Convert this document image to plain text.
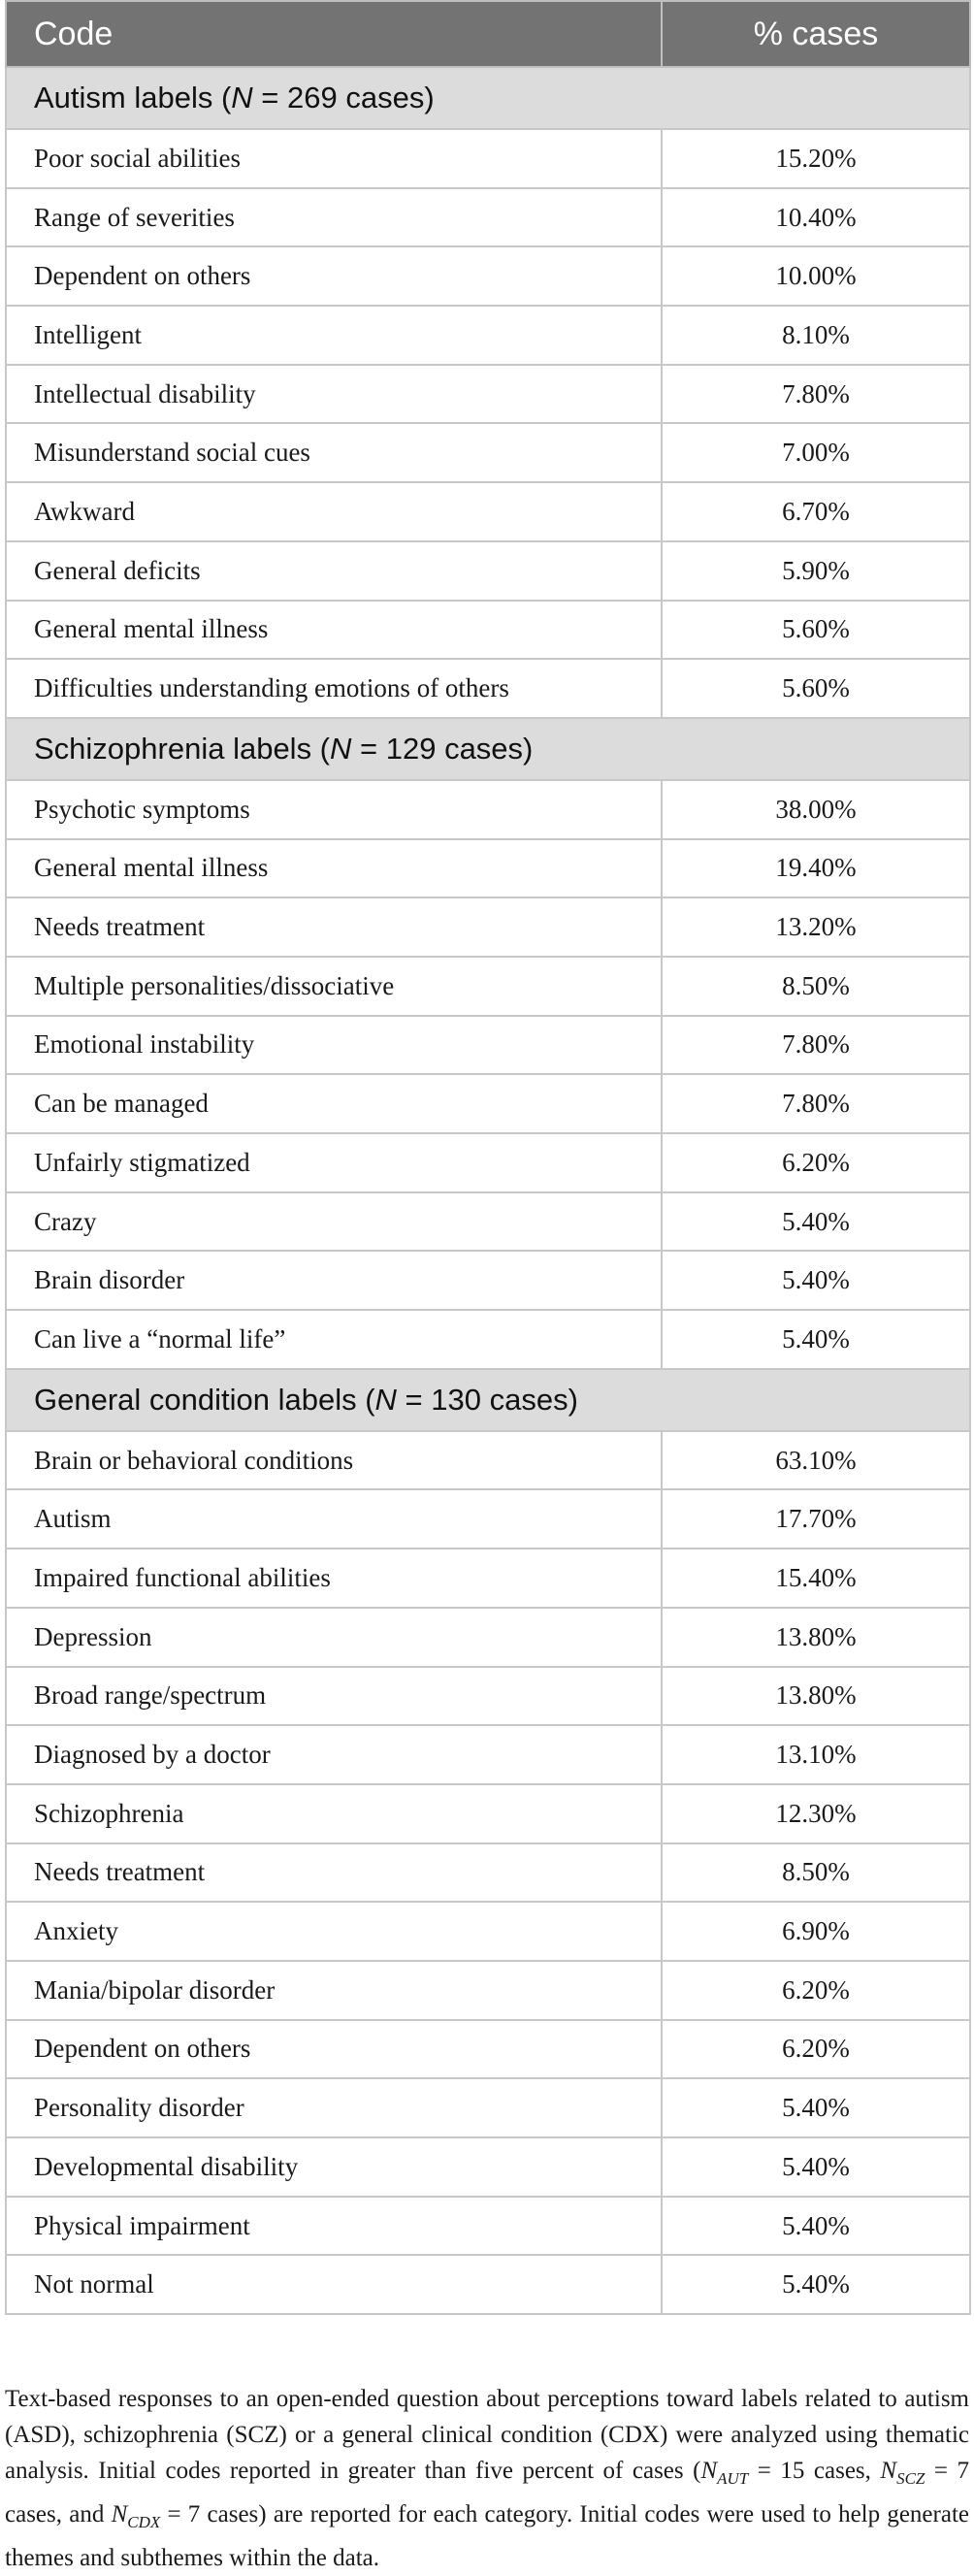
Code	% cases
Autism labels (N = 269 cases)	
Poor social abilities	15.20%
Range of severities	10.40%
Dependent on others	10.00%
Intelligent	8.10%
Intellectual disability	7.80%
Misunderstand social cues	7.00%
Awkward	6.70%
General deficits	5.90%
General mental illness	5.60%
Difficulties understanding emotions of others	5.60%
Schizophrenia labels (N = 129 cases)	
Psychotic symptoms	38.00%
General mental illness	19.40%
Needs treatment	13.20%
Multiple personalities/dissociative	8.50%
Emotional instability	7.80%
Can be managed	7.80%
Unfairly stigmatized	6.20%
Crazy	5.40%
Brain disorder	5.40%
Can live a “normal life”	5.40%
General condition labels (N = 130 cases)	
Brain or behavioral conditions	63.10%
Autism	17.70%
Impaired functional abilities	15.40%
Depression	13.80%
Broad range/spectrum	13.80%
Diagnosed by a doctor	13.10%
Schizophrenia	12.30%
Needs treatment	8.50%
Anxiety	6.90%
Mania/bipolar disorder	6.20%
Dependent on others	6.20%
Personality disorder	5.40%
Developmental disability	5.40%
Physical impairment	5.40%
Not normal	5.40%
Text-based responses to an open-ended question about perceptions toward labels related to autism (ASD), schizophrenia (SCZ) or a general clinical condition (CDX) were analyzed using thematic analysis. Initial codes reported in greater than five percent of cases ($N_{AUT} = 15$ cases, $N_{SCZ} = 7$ cases, and $N_{CDX} = 7$ cases) are reported for each category. Initial codes were used to help generate themes and subthemes within the data.
